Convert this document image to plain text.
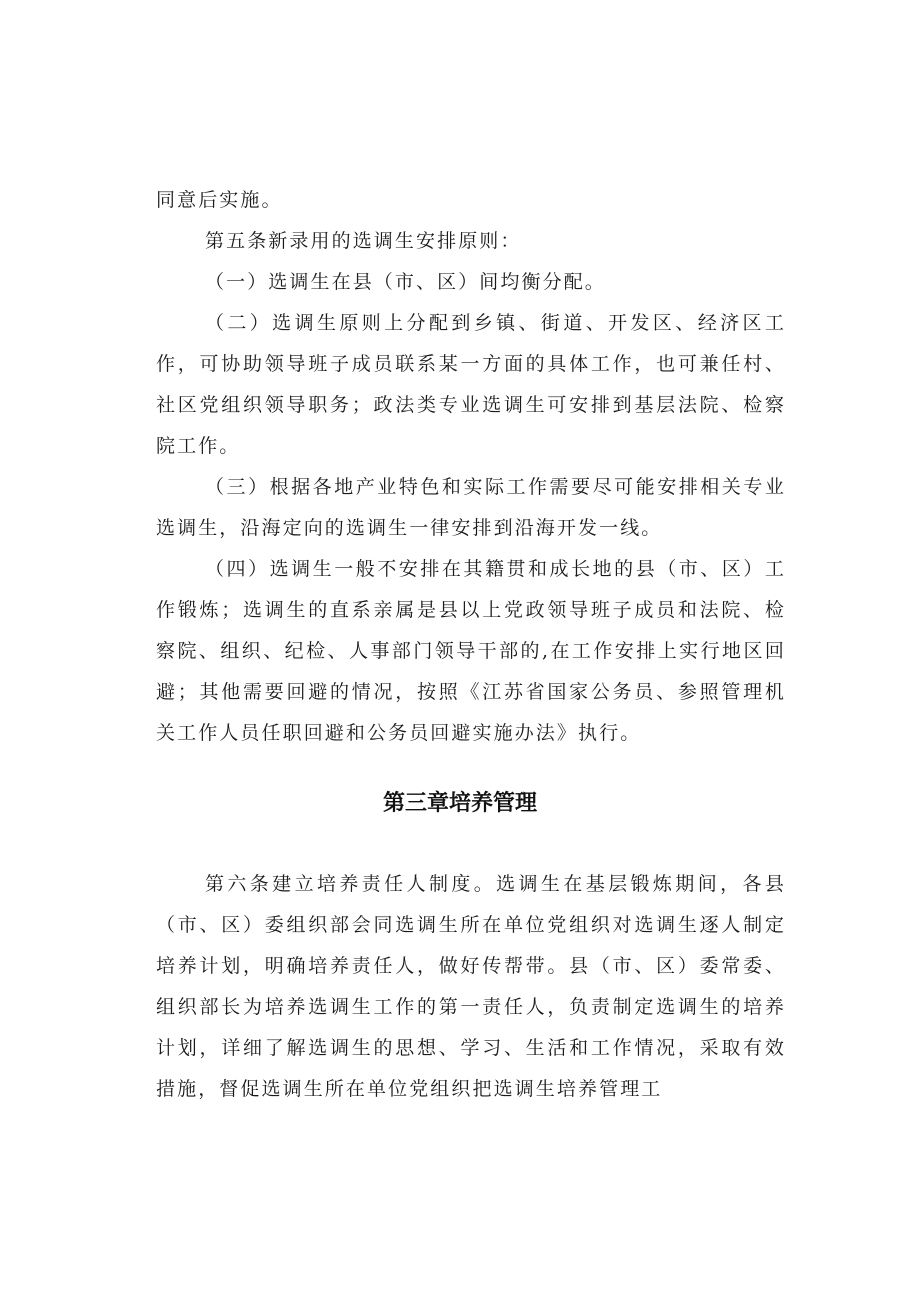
同意后实施。

第五条新录用的选调生安排原则：

（一）选调生在县（市、区）间均衡分配。

（二）选调生原则上分配到乡镇、街道、开发区、经济区工作，可协助领导班子成员联系某一方面的具体工作，也可兼任村、社区党组织领导职务；政法类专业选调生可安排到基层法院、检察院工作。

（三）根据各地产业特色和实际工作需要尽可能安排相关专业选调生，沿海定向的选调生一律安排到沿海开发一线。

（四）选调生一般不安排在其籍贯和成长地的县（市、区）工作锻炼；选调生的直系亲属是县以上党政领导班子成员和法院、检察院、组织、纪检、人事部门领导干部的,在工作安排上实行地区回避；其他需要回避的情况，按照《江苏省国家公务员、参照管理机关工作人员任职回避和公务员回避实施办法》执行。

第三章培养管理

第六条建立培养责任人制度。选调生在基层锻炼期间，各县（市、区）委组织部会同选调生所在单位党组织对选调生逐人制定培养计划，明确培养责任人，做好传帮带。县（市、区）委常委、组织部长为培养选调生工作的第一责任人，负责制定选调生的培养计划，详细了解选调生的思想、学习、生活和工作情况，采取有效措施，督促选调生所在单位党组织把选调生培养管理工
